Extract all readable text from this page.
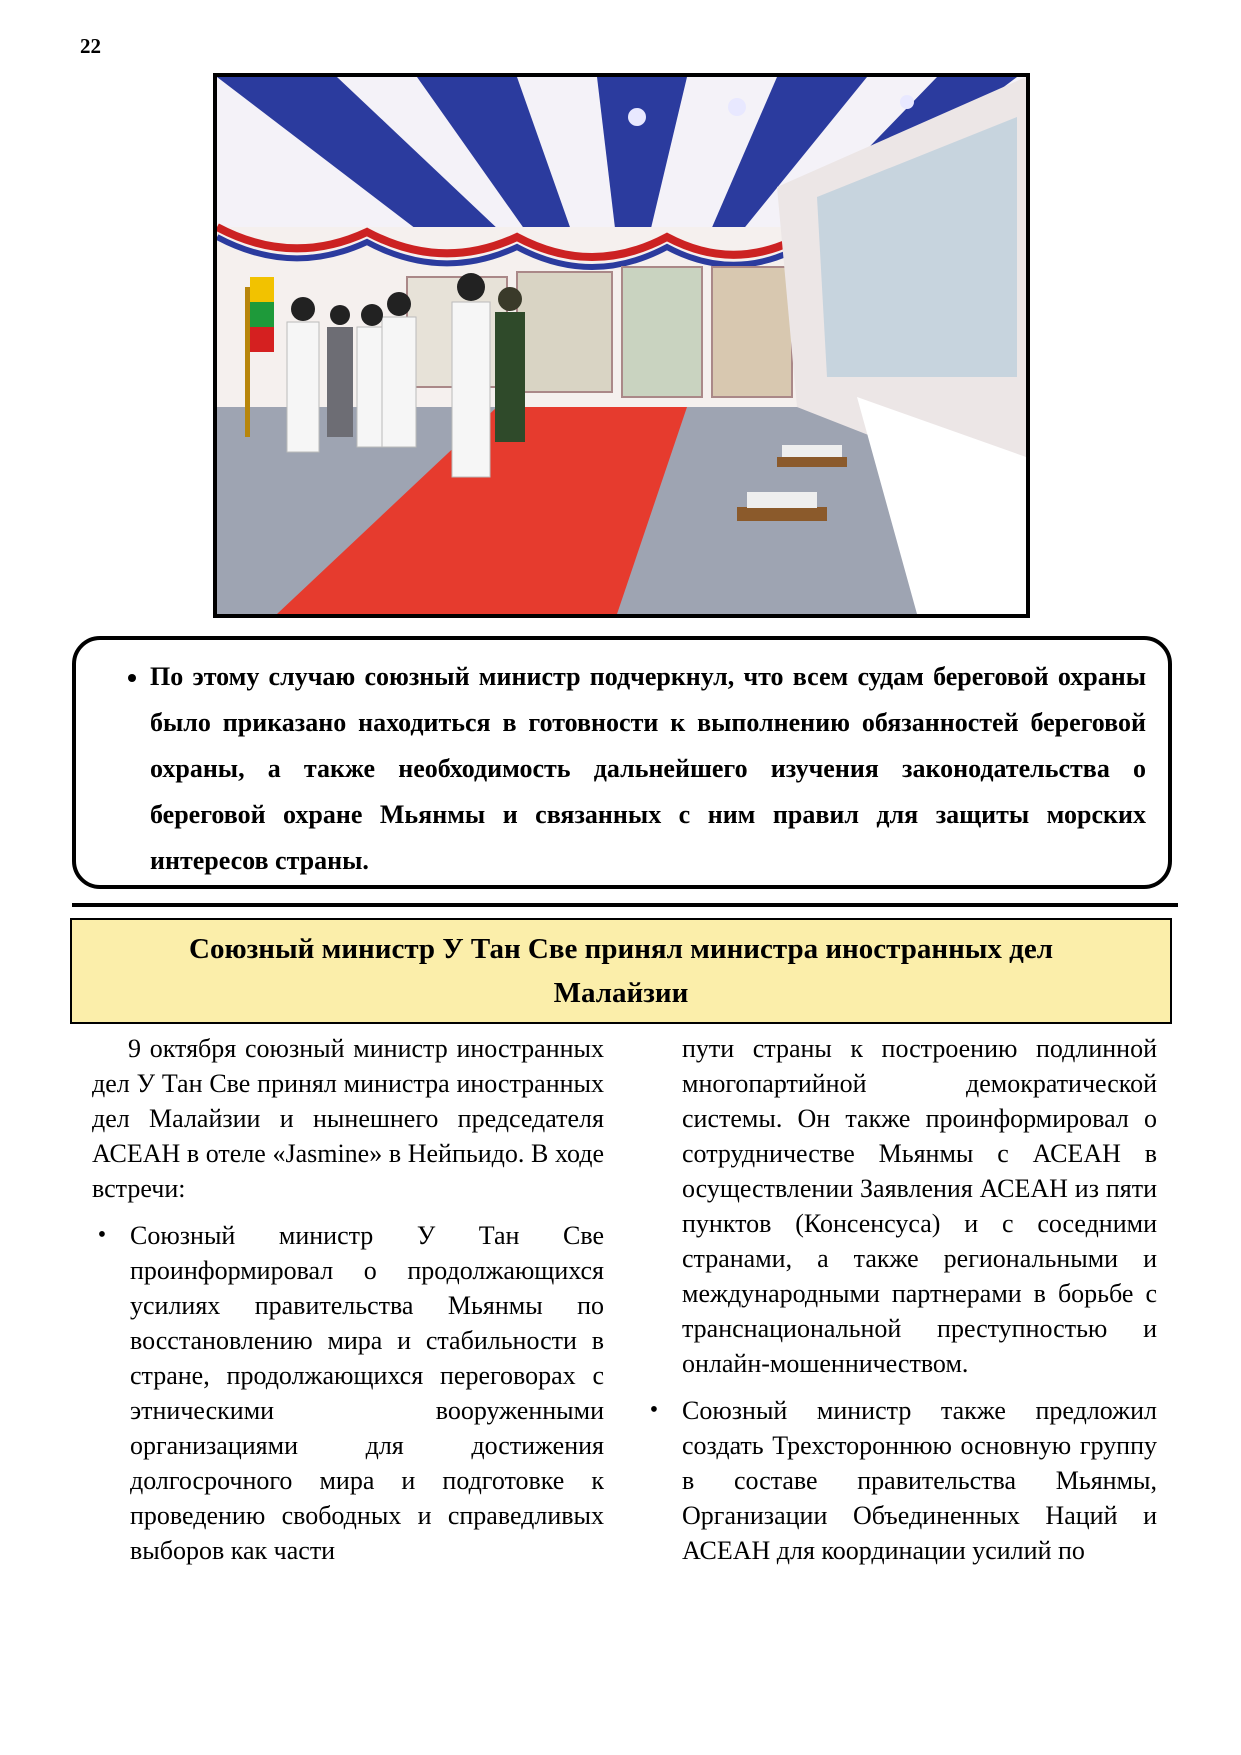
22
• По этому случаю союзный министр подчеркнул, что всем судам береговой охраны было приказано находиться в готовности к выполнению обязанностей береговой охраны, а также необходимость дальнейшего изучения законодательства о береговой охране Мьянмы и связанных с ним правил для защиты морских интересов страны.
Союзный министр У Тан Све принял министра иностранных дел Малайзии

9 октября союзный министр иностранных дел У Тан Све принял министра иностранных дел Малайзии и нынешнего председателя АСЕАН в отеле «Jasmine» в Нейпьидо. В ходе встречи:

• Союзный министр У Тан Све проинформировал о продолжающихся усилиях правительства Мьянмы по восстановлению мира и стабильности в стране, продолжающихся переговорах с этническими вооруженными организациями для достижения долгосрочного мира и подготовке к проведению свободных и справедливых выборов как части

пути страны к построению подлинной многопартийной демократической системы. Он также проинформировал о сотрудничестве Мьянмы с АСЕАН в осуществлении Заявления АСЕАН из пяти пунктов (Консенсуса) и с соседними странами, а также региональными и международными партнерами в борьбе с транснациональной преступностью и онлайн-мошенничеством.

• Союзный министр также предложил создать Трехстороннюю основную группу в составе правительства Мьянмы, Организации Объединенных Наций и АСЕАН для координации усилий по
